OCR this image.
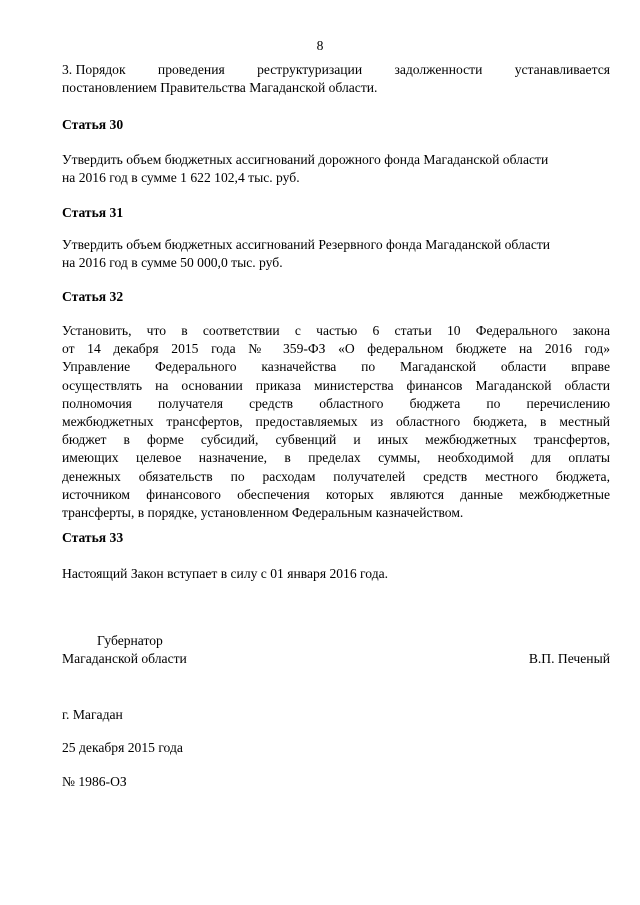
8
3. Порядок проведения реструктуризации задолженности устанавливается
постановлением Правительства Магаданской области.
Статья 30
Утвердить объем бюджетных ассигнований дорожного фонда Магаданской области
на 2016 год в сумме 1 622 102,4 тыс. руб.
Статья 31
Утвердить объем бюджетных ассигнований Резервного фонда Магаданской области
на 2016 год в сумме 50 000,0 тыс. руб.
Статья 32
Установить, что в соответствии с частью 6 статьи 10 Федерального закона
от 14 декабря 2015 года № 359-ФЗ «О федеральном бюджете на 2016 год»
Управление Федерального казначейства по Магаданской области вправе
осуществлять на основании приказа министерства финансов Магаданской области
полномочия получателя средств областного бюджета по перечислению
межбюджетных трансфертов, предоставляемых из областного бюджета, в местный
бюджет в форме субсидий, субвенций и иных межбюджетных трансфертов,
имеющих целевое назначение, в пределах суммы, необходимой для оплаты
денежных обязательств по расходам получателей средств местного бюджета,
источником финансового обеспечения которых являются данные межбюджетные
трансферты, в порядке, установленном Федеральным казначейством.
Статья 33
Настоящий Закон вступает в силу с 01 января 2016 года.
Губернатор
Магаданской области	В.П. Печеный
г. Магадан
25 декабря 2015 года
№ 1986-ОЗ
